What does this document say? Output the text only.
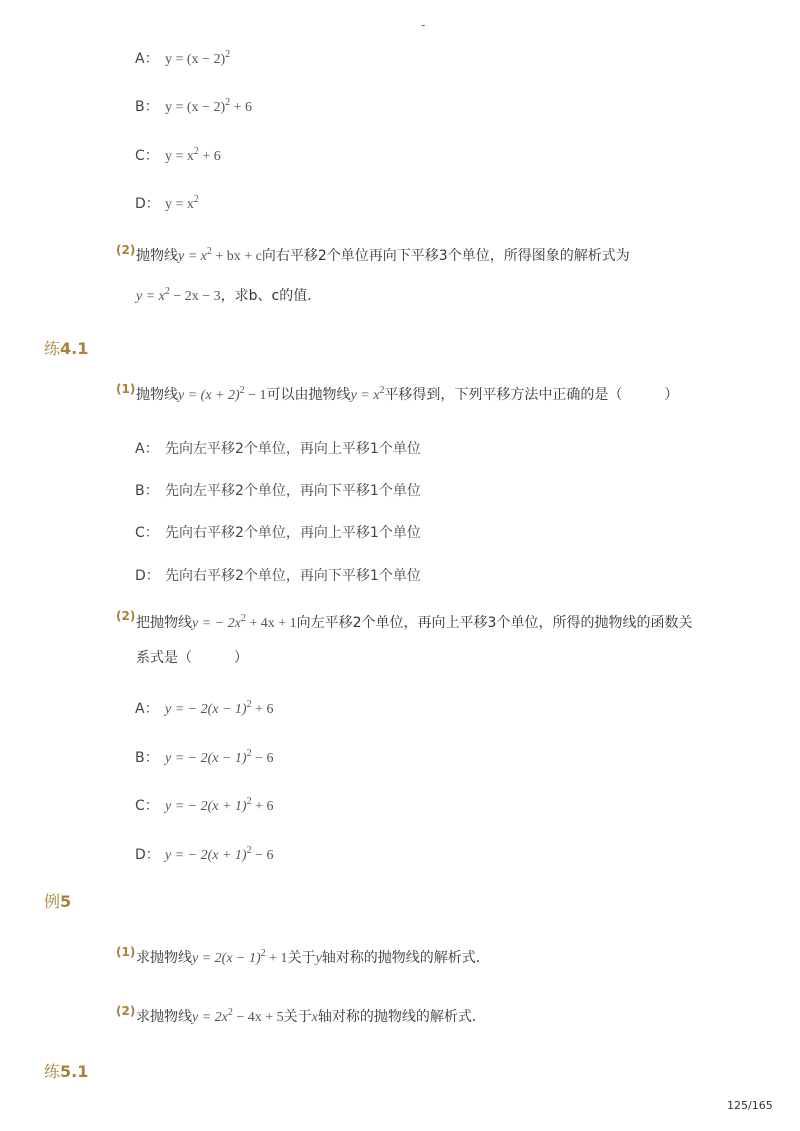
-
A： $y = (x - 2)^2$
B： $y = (x - 2)^2 + 6$
C： $y = x^2 + 6$
D： $y = x^2$
(2) 抛物线$y = x^2$ + bx + c向右平移2个单位再向下平移3个单位，所得图象的解析式为
$y = x^2 - 2x - 3$，求b、c的值．
练4.1
(1) 抛物线$y = (x + 2)^2 - 1$可以由抛物线$y = x^2$平移得到，下列平移方法中正确的是（　　　）
A： 先向左平移2个单位，再向上平移1个单位
B： 先向左平移2个单位，再向下平移1个单位
C： 先向右平移2个单位，再向上平移1个单位
D： 先向右平移2个单位，再向下平移1个单位
(2) 把抛物线y = − $2x^2 + 4x + 1$向左平移2个单位，再向上平移3个单位，所得的抛物线的函数关
系式是（　　　）
A： y = − $2(x - 1)^2 + 6$
B： y = − $2(x - 1)^2 - 6$
C： y = − $2(x + 1)^2 + 6$
D： y = − $2(x + 1)^2 - 6$
例5
(1) 求抛物线$y = 2(x - 1)^2 + 1$关于y轴对称的抛物线的解析式．
(2) 求抛物线$y = 2x^2 - 4x + 5$关于x轴对称的抛物线的解析式．
练5.1
125/165
